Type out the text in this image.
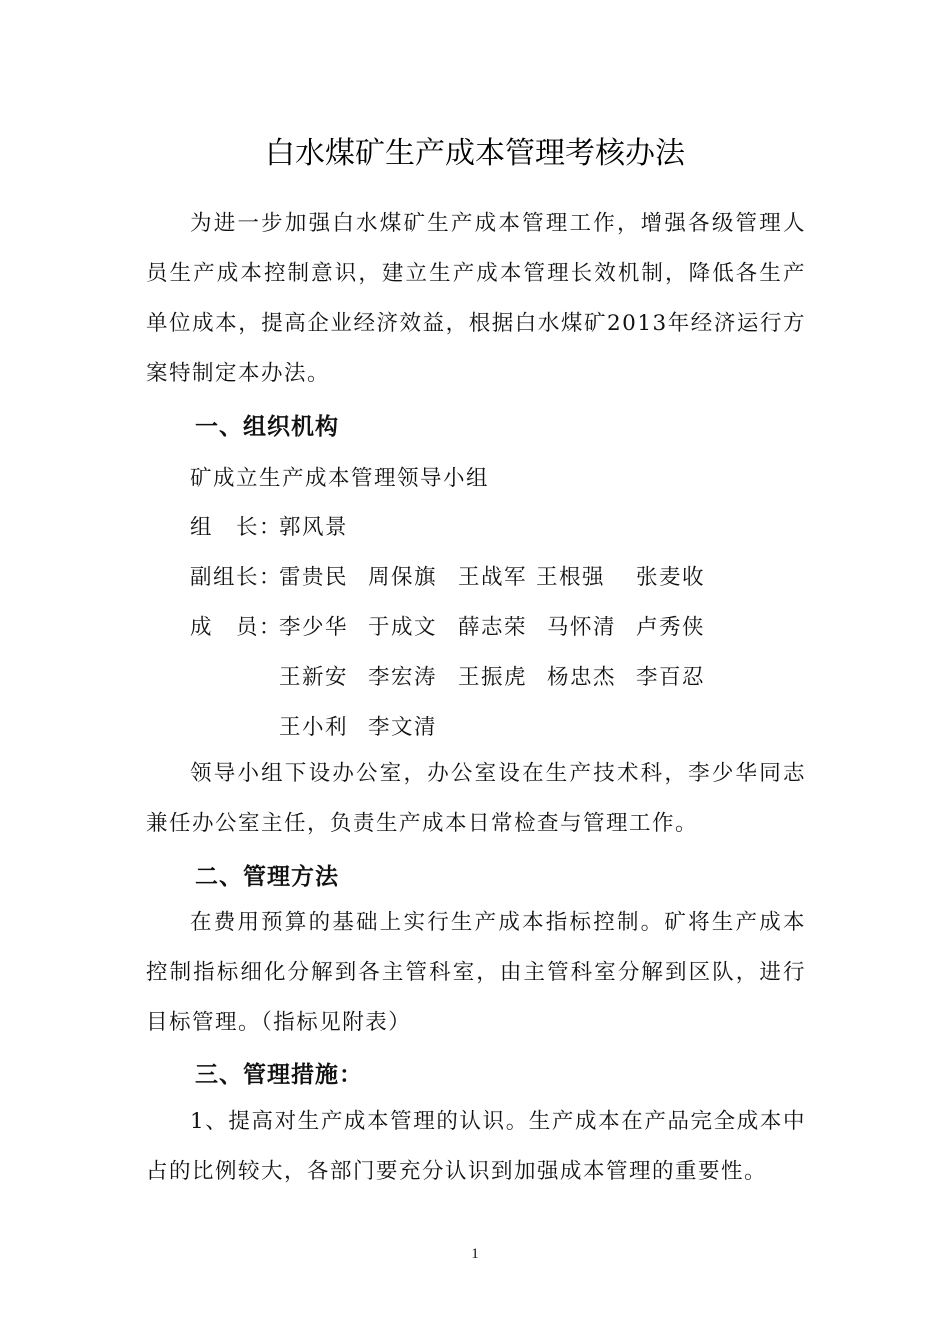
白水煤矿生产成本管理考核办法

为进一步加强白水煤矿生产成本管理工作，增强各级管理人员生产成本控制意识，建立生产成本管理长效机制，降低各生产单位成本，提高企业经济效益，根据白水煤矿2013年经济运行方案特制定本办法。

一、组织机构
矿成立生产成本管理领导小组
组　长：
郭风景
副组长：
雷贵民 周保旗 王战军 王根强 张麦收
成　员：
李少华 于成文 薛志荣 马怀清 卢秀侠
王新安 李宏涛 王振虎 杨忠杰 李百忍
王小利 李文清

领导小组下设办公室，办公室设在生产技术科，李少华同志兼任办公室主任，负责生产成本日常检查与管理工作。

二、管理方法

在费用预算的基础上实行生产成本指标控制。矿将生产成本控制指标细化分解到各主管科室，由主管科室分解到区队，进行目标管理。（指标见附表）

三、管理措施：

1、提高对生产成本管理的认识。生产成本在产品完全成本中占的比例较大，各部门要充分认识到加强成本管理的重要性。

1
